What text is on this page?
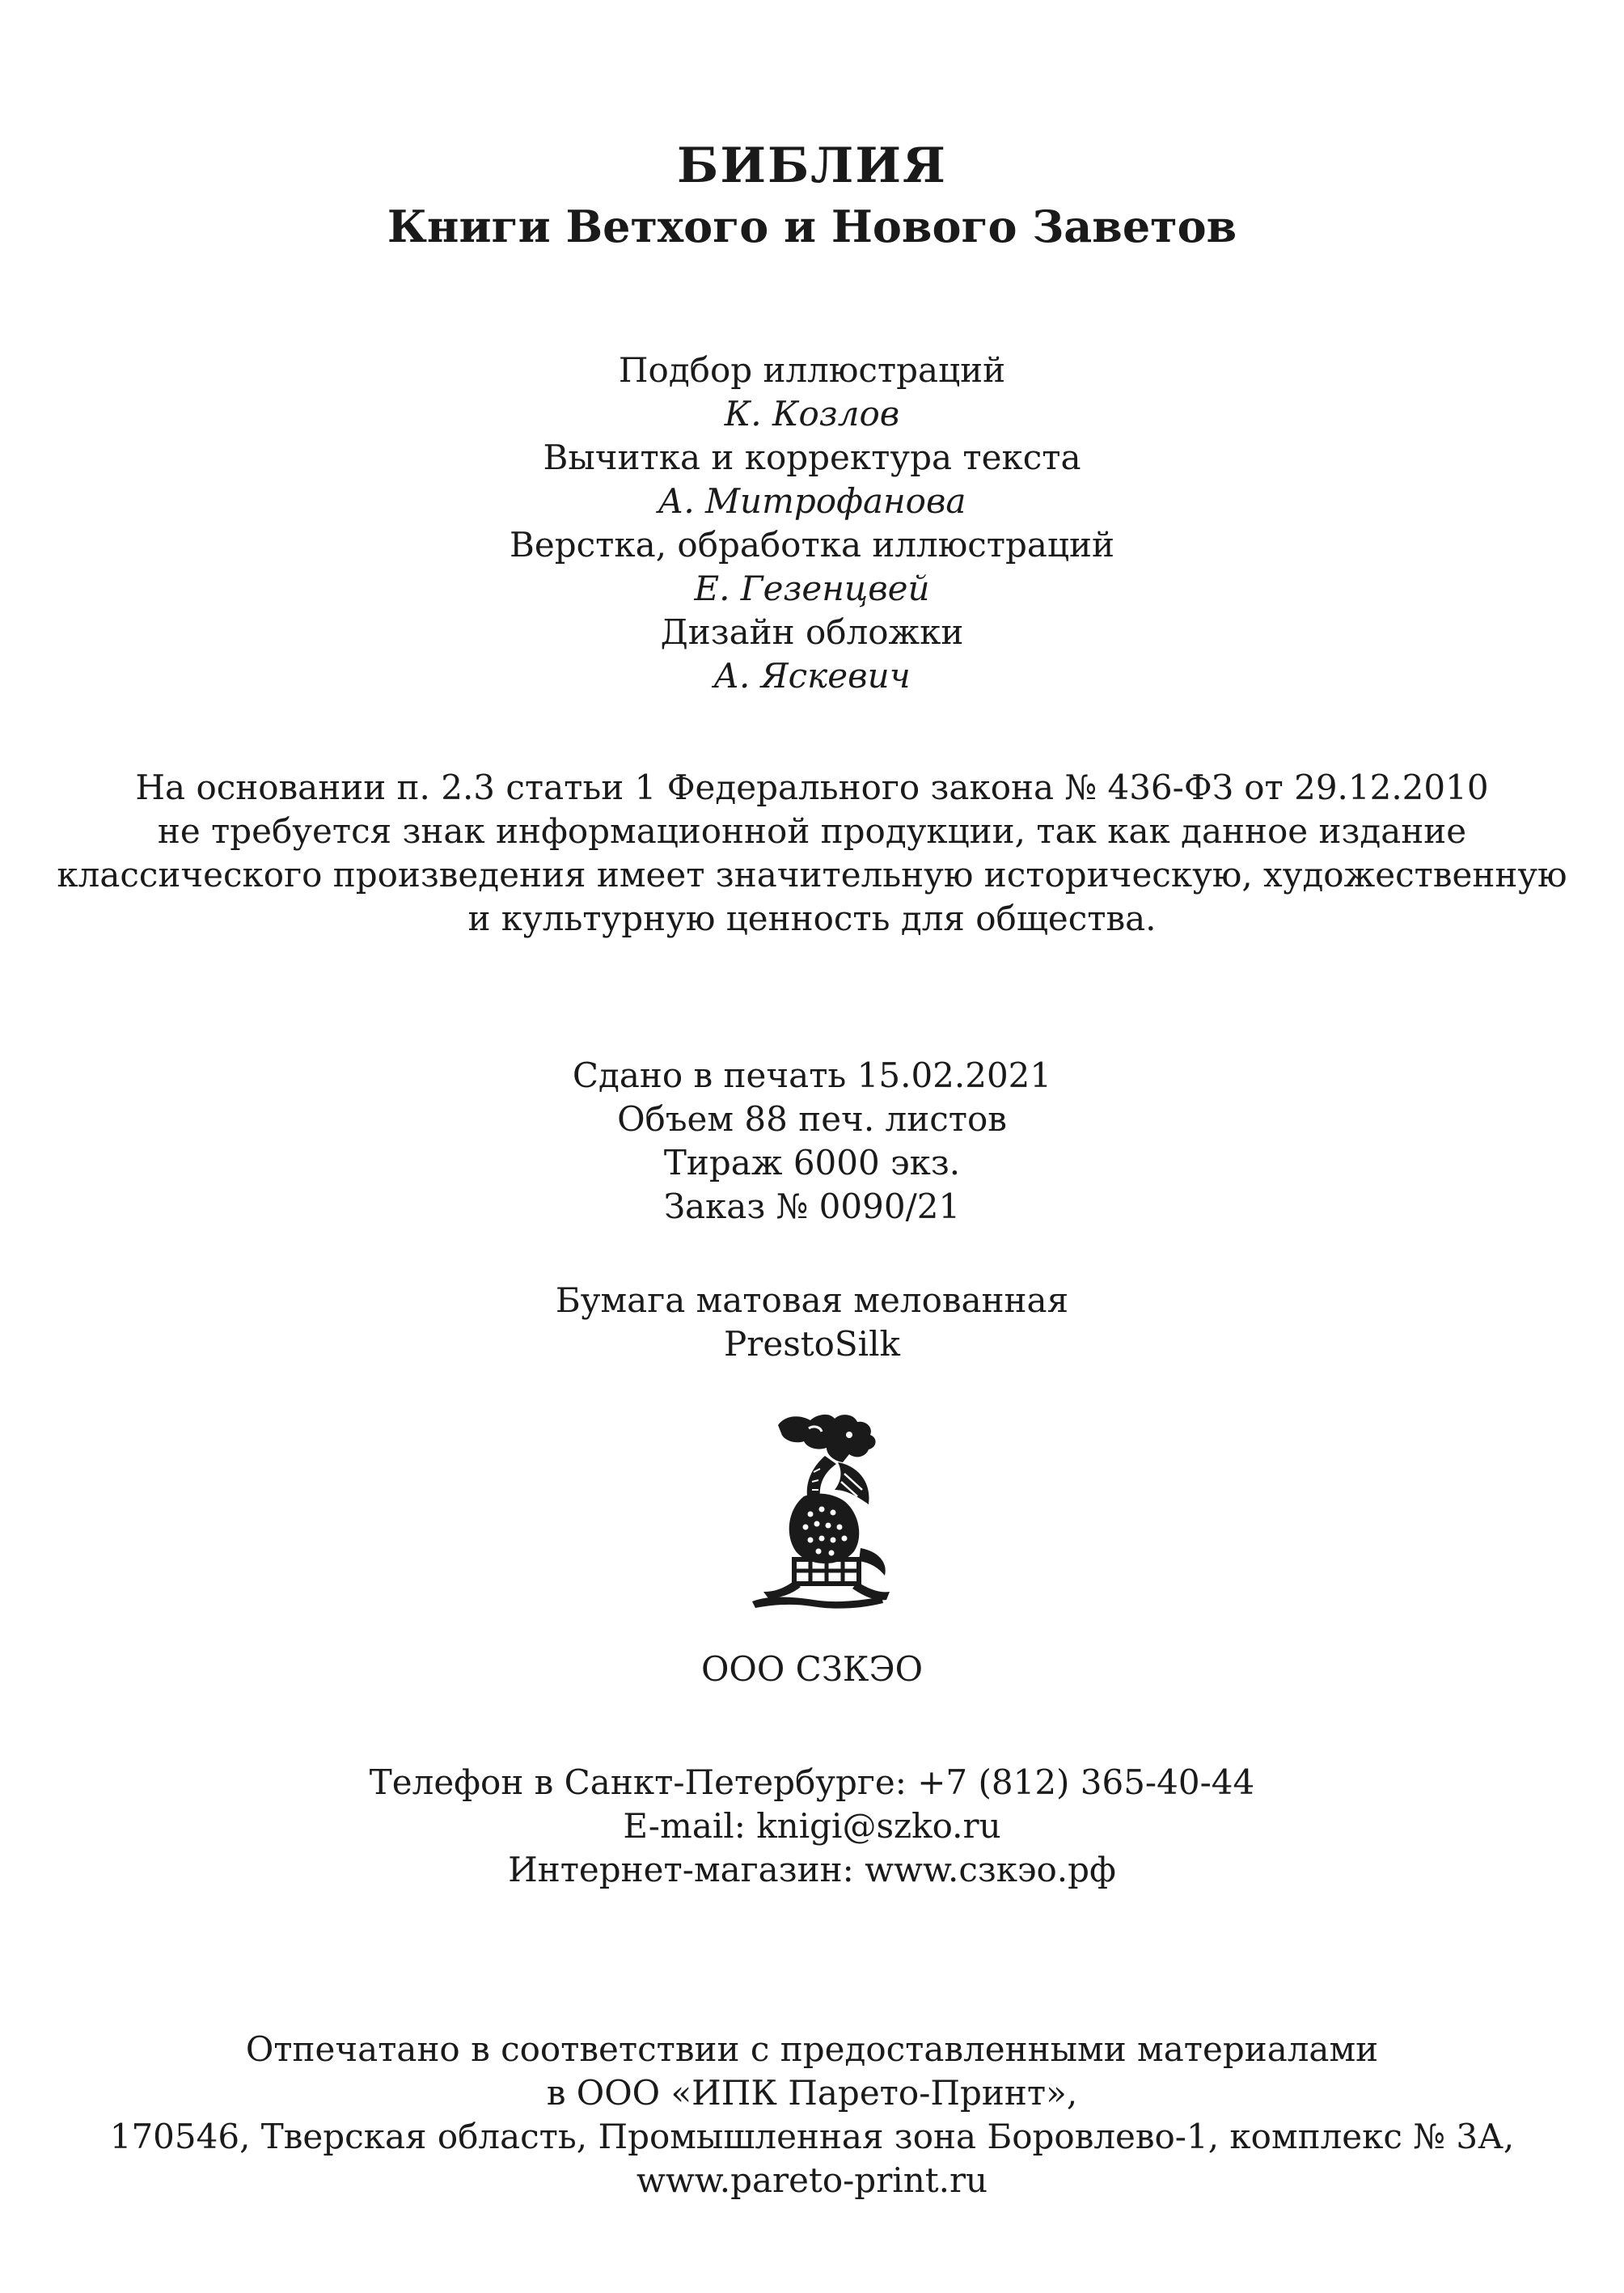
БИБЛИЯ
Книги Ветхого и Нового Заветов

Подбор иллюстраций

К. Козлов

Вычитка и корректура текста

А. Митрофанова

Верстка, обработка иллюстраций

Е. Гезенцвей

Дизайн обложки

А. Яскевич

На основании п. 2.3 статьи 1 Федерального закона № 436-ФЗ от 29.12.2010

не требуется знак информационной продукции, так как данное издание

классического произведения имеет значительную историческую, художественную

и культурную ценность для общества.

Сдано в печать 15.02.2021

Объем 88 печ. листов

Тираж 6000 экз.

Заказ № 0090/21

Бумага матовая мелованная

PrestoSilk

ООО СЗКЭО

Телефон в Санкт-Петербурге: +7 (812) 365-40-44

E-mail: knigi@szko.ru

Интернет-магазин: www.сзкэо.рф

Отпечатано в соответствии с предоставленными материалами

в ООО «ИПК Парето-Принт»,

170546, Тверская область, Промышленная зона Боровлево-1, комплекс № 3А,

www.pareto-print.ru
